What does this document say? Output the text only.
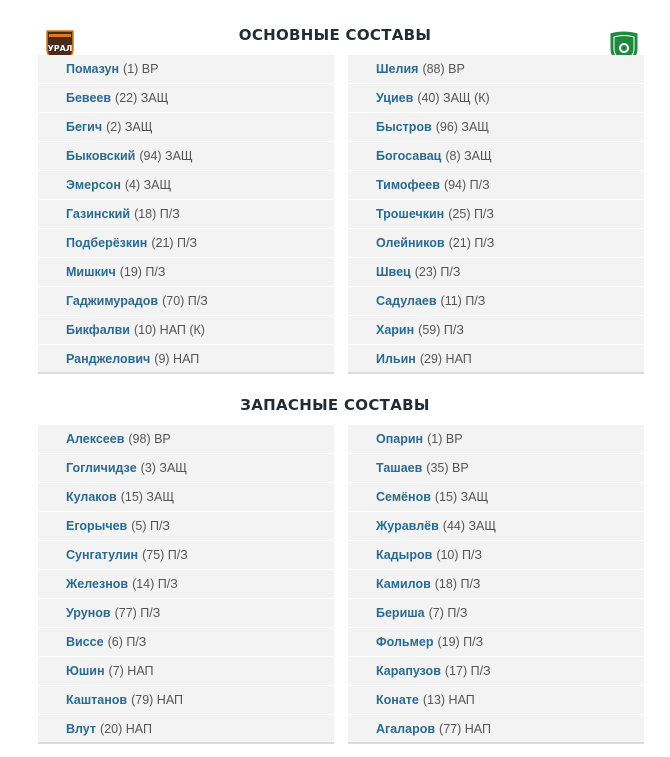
УРАЛ
ОСНОВНЫЕ СОСТАВЫ
Помазун (1) ВР
Бевеев (22) ЗАЩ
Бегич (2) ЗАЩ
Быковский (94) ЗАЩ
Эмерсон (4) ЗАЩ
Газинский (18) П/З
Подберёзкин (21) П/З
Мишкич (19) П/З
Гаджимурадов (70) П/З
Бикфалви (10) НАП (К)
Ранджелович (9) НАП
Шелия (88) ВР
Уциев (40) ЗАЩ (К)
Быстров (96) ЗАЩ
Богосавац (8) ЗАЩ
Тимофеев (94) П/З
Трошечкин (25) П/З
Олейников (21) П/З
Швец (23) П/З
Садулаев (11) П/З
Харин (59) П/З
Ильин (29) НАП
ЗАПАСНЫЕ СОСТАВЫ
Алексеев (98) ВР
Гогличидзе (3) ЗАЩ
Кулаков (15) ЗАЩ
Егорычев (5) П/З
Сунгатулин (75) П/З
Железнов (14) П/З
Урунов (77) П/З
Виссе (6) П/З
Юшин (7) НАП
Каштанов (79) НАП
Влут (20) НАП
Опарин (1) ВР
Ташаев (35) ВР
Семёнов (15) ЗАЩ
Журавлёв (44) ЗАЩ
Кадыров (10) П/З
Камилов (18) П/З
Бериша (7) П/З
Фольмер (19) П/З
Карапузов (17) П/З
Конате (13) НАП
Агаларов (77) НАП
